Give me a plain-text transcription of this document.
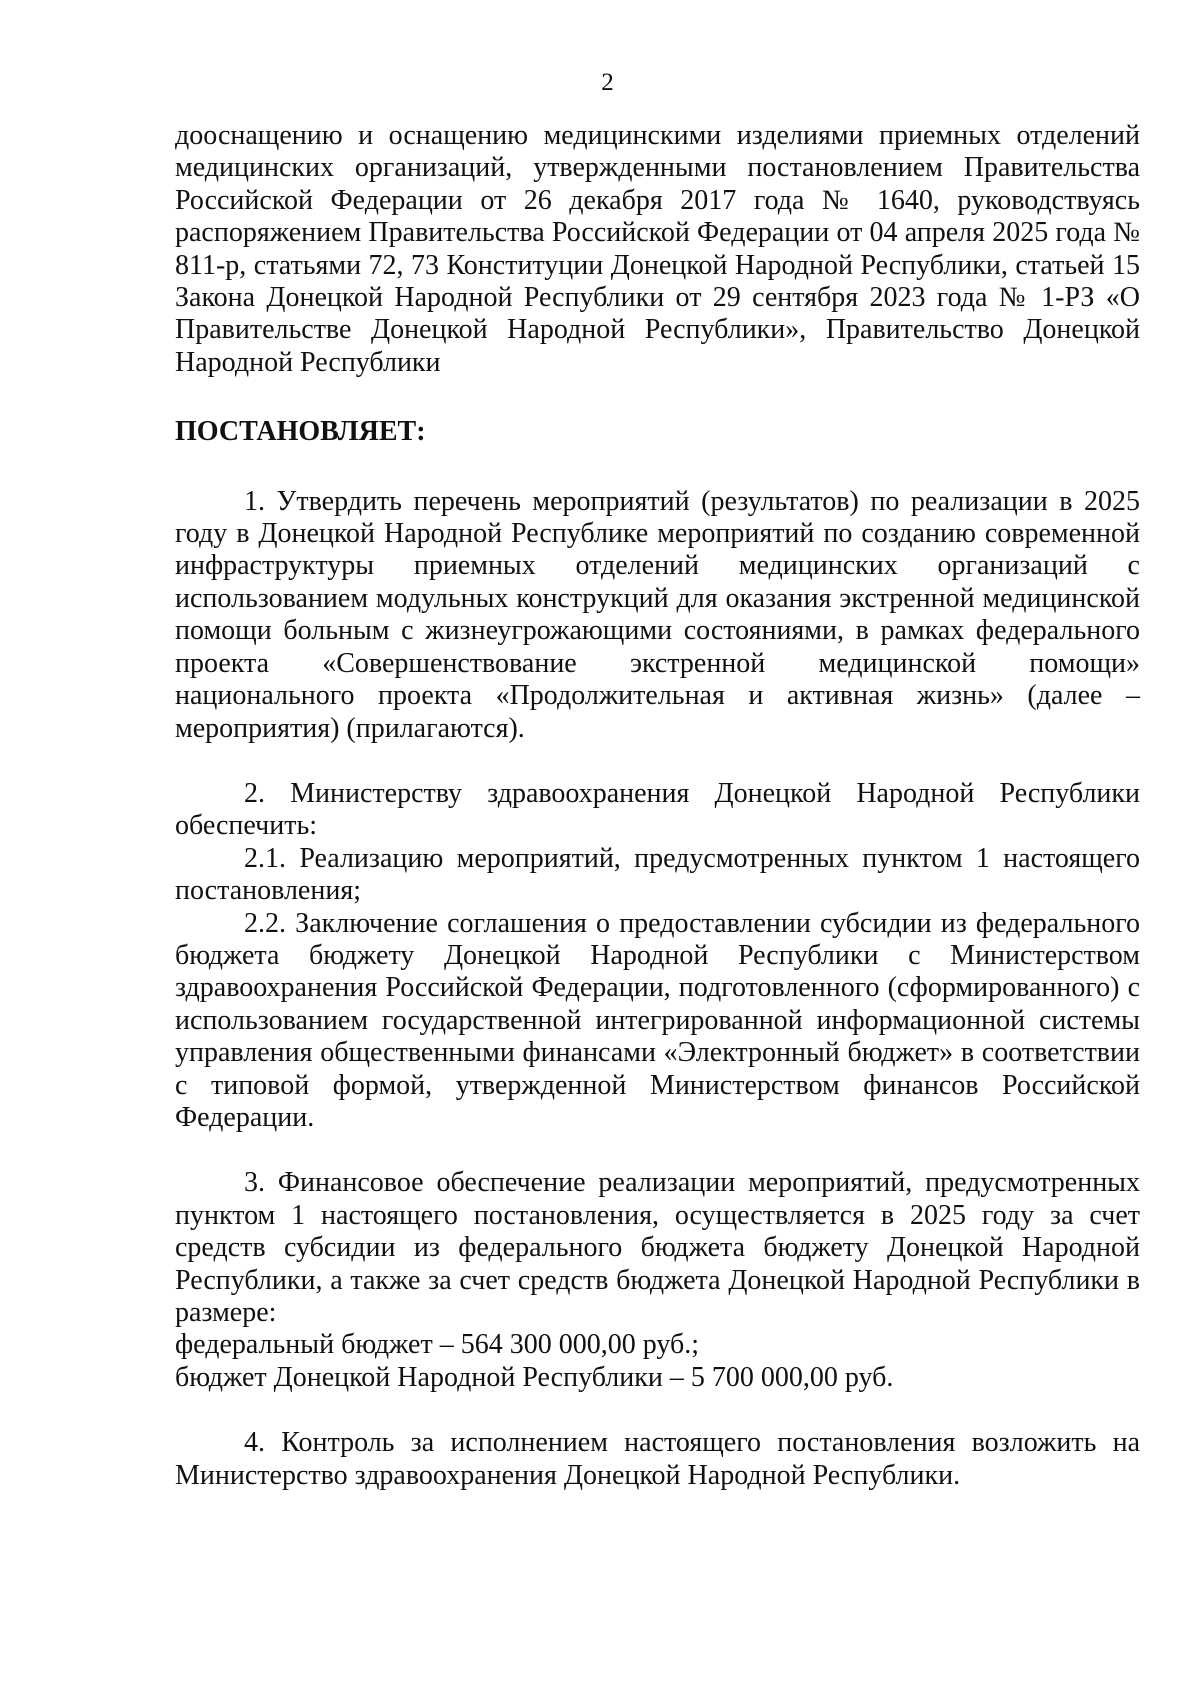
2

дооснащению и оснащению медицинскими изделиями приемных отделений медицинских организаций, утвержденными постановлением Правительства Российской Федерации от 26 декабря 2017 года № 1640, руководствуясь распоряжением Правительства Российской Федерации от 04 апреля 2025 года № 811-р, статьями 72, 73 Конституции Донецкой Народной Республики, статьей 15 Закона Донецкой Народной Республики от 29 сентября 2023 года № 1-РЗ «О Правительстве Донецкой Народной Республики», Правительство Донецкой Народной Республики

ПОСТАНОВЛЯЕТ:

1. Утвердить перечень мероприятий (результатов) по реализации в 2025 году в Донецкой Народной Республике мероприятий по созданию современной инфраструктуры приемных отделений медицинских организаций с использованием модульных конструкций для оказания экстренной медицинской помощи больным с жизнеугрожающими состояниями, в рамках федерального проекта «Совершенствование экстренной медицинской помощи» национального проекта «Продолжительная и активная жизнь» (далее – мероприятия) (прилагаются).

2. Министерству здравоохранения Донецкой Народной Республики обеспечить:

2.1. Реализацию мероприятий, предусмотренных пунктом 1 настоящего постановления;

2.2. Заключение соглашения о предоставлении субсидии из федерального бюджета бюджету Донецкой Народной Республики с Министерством здравоохранения Российской Федерации, подготовленного (сформированного) с использованием государственной интегрированной информационной системы управления общественными финансами «Электронный бюджет» в соответствии с типовой формой, утвержденной Министерством финансов Российской Федерации.

3. Финансовое обеспечение реализации мероприятий, предусмотренных пунктом 1 настоящего постановления, осуществляется в 2025 году за счет средств субсидии из федерального бюджета бюджету Донецкой Народной Республики, а также за счет средств бюджета Донецкой Народной Республики в размере:

федеральный бюджет – 564 300 000,00 руб.;
бюджет Донецкой Народной Республики – 5 700 000,00 руб.

4. Контроль за исполнением настоящего постановления возложить на Министерство здравоохранения Донецкой Народной Республики.
